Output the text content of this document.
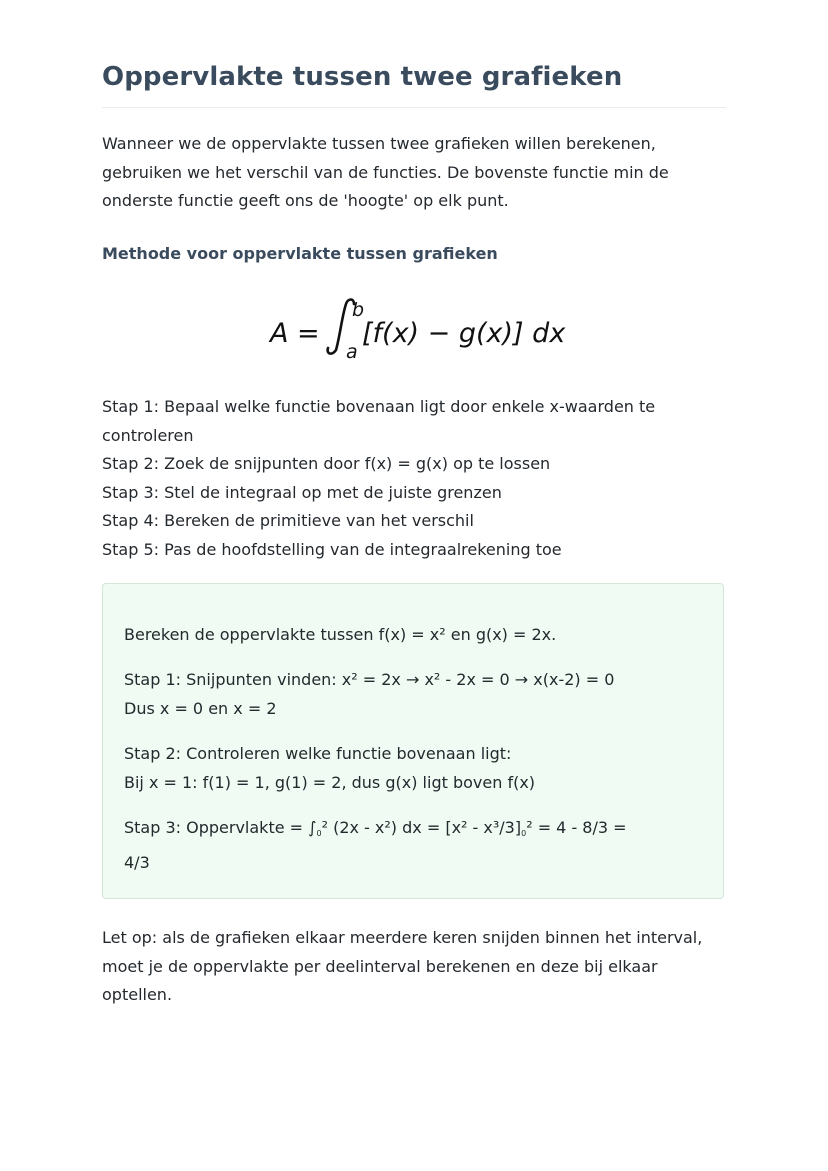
Oppervlakte tussen twee grafieken

Wanneer we de oppervlakte tussen twee grafieken willen berekenen, gebruiken we het verschil van de functies. De bovenste functie min de onderste functie geeft ons de 'hoogte' op elk punt.

Methode voor oppervlakte tussen grafieken
A =
b
a
[f(x) − g(x)] dx
Stap 1: Bepaal welke functie bovenaan ligt door enkele x-waarden te controleren
Stap 2: Zoek de snijpunten door f(x) = g(x) op te lossen
Stap 3: Stel de integraal op met de juiste grenzen
Stap 4: Bereken de primitieve van het verschil
Stap 5: Pas de hoofdstelling van de integraalrekening toe

Bereken de oppervlakte tussen f(x) = x² en g(x) = 2x.

Stap 1: Snijpunten vinden: x² = 2x → x² - 2x = 0 → x(x-2) = 0
Dus x = 0 en x = 2

Stap 2: Controleren welke functie bovenaan ligt:
Bij x = 1: f(1) = 1, g(1) = 2, dus g(x) ligt boven f(x)

Stap 3: Oppervlakte = $\int_0^2$ (2x - x²) dx = $[x^2 - x^3/3]_0^2 = 4 - 8/3$ =
4/3

Let op: als de grafieken elkaar meerdere keren snijden binnen het interval, moet je de oppervlakte per deelinterval berekenen en deze bij elkaar optellen.
